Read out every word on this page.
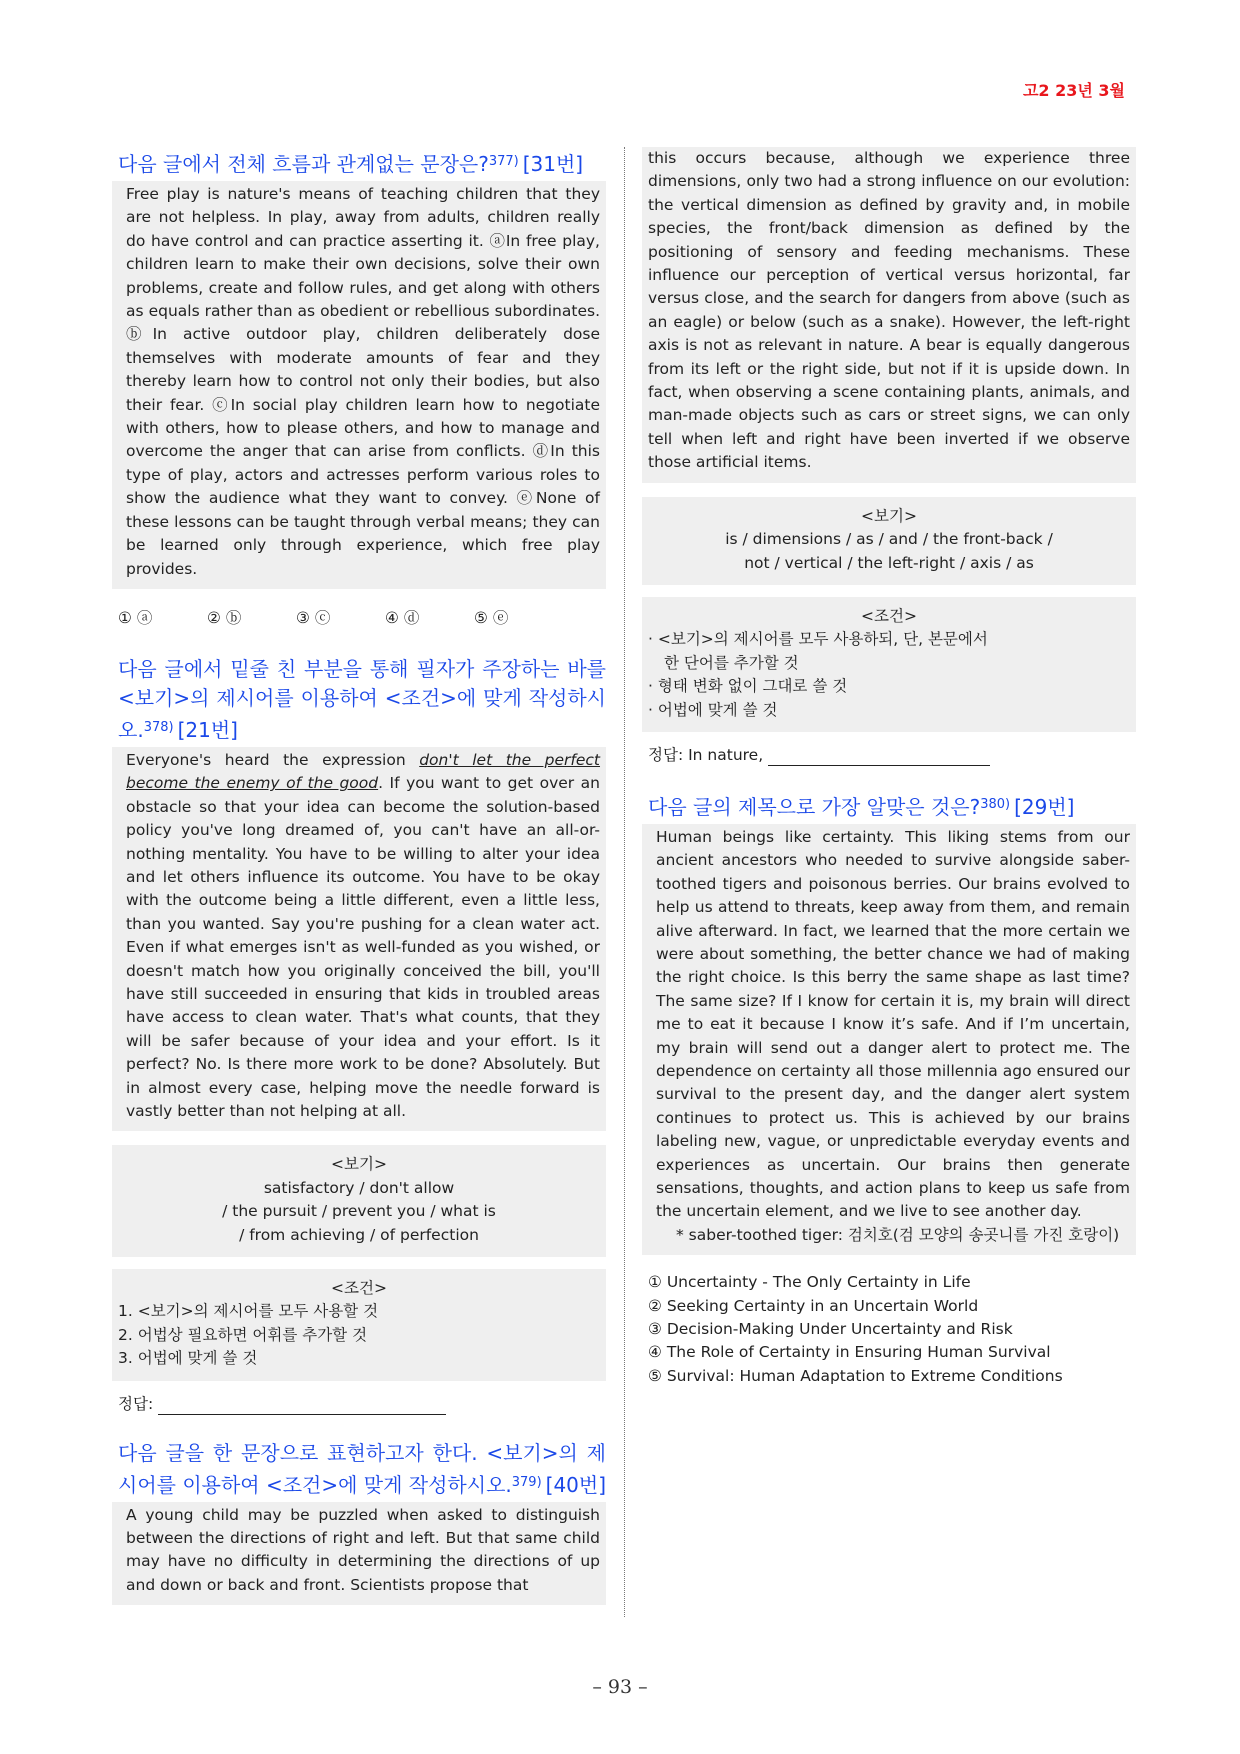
고2 23년 3월
다음 글에서 전체 흐름과 관계없는 문장은?$^{377)}$ [31번]
Free play is nature's means of teaching children that they are not helpless. In play, away from adults, children really do have control and can practice asserting it. ⓐIn free play, children learn to make their own decisions, solve their own problems, create and follow rules, and get along with others as equals rather than as obedient or rebellious subordinates. ⓑIn active outdoor play, children deliberately dose themselves with moderate amounts of fear and they thereby learn how to control not only their bodies, but also their fear. ⓒIn social play children learn how to negotiate with others, how to please others, and how to manage and overcome the anger that can arise from conflicts. ⓓIn this type of play, actors and actresses perform various roles to show the audience what they want to convey. ⓔNone of these lessons can be taught through verbal means; they can be learned only through experience, which free play provides.
① ⓐ	② ⓑ	③ ⓒ	④ ⓓ	⑤ ⓔ
다음 글에서 밑줄 친 부분을 통해 필자가 주장하는 바를 <보기>의 제시어를 이용하여 <조건>에 맞게 작성하시오.$^{378)}$ [21번]
Everyone's heard the expression don't let the perfect become the enemy of the good. If you want to get over an obstacle so that your idea can become the solution-based policy you've long dreamed of, you can't have an all-or-nothing mentality. You have to be willing to alter your idea and let others influence its outcome. You have to be okay with the outcome being a little different, even a little less, than you wanted. Say you're pushing for a clean water act. Even if what emerges isn't as well-funded as you wished, or doesn't match how you originally conceived the bill, you'll have still succeeded in ensuring that kids in troubled areas have access to clean water. That's what counts, that they will be safer because of your idea and your effort. Is it perfect? No. Is there more work to be done? Absolutely. But in almost every case, helping move the needle forward is vastly better than not helping at all.
<보기>
satisfactory / don't allow
/ the pursuit / prevent you / what is
/ from achieving / of perfection
<조건>
1. <보기>의 제시어를 모두 사용할 것
2. 어법상 필요하면 어휘를 추가할 것
3. 어법에 맞게 쓸 것
정답:
다음 글을 한 문장으로 표현하고자 한다. <보기>의 제시어를 이용하여 <조건>에 맞게 작성하시오.$^{379)}$ [40번]
A young child may be puzzled when asked to distinguish between the directions of right and left. But that same child may have no difficulty in determining the directions of up and down or back and front. Scientists propose that
this occurs because, although we experience three dimensions, only two had a strong influence on our evolution: the vertical dimension as defined by gravity and, in mobile species, the front/back dimension as defined by the positioning of sensory and feeding mechanisms. These influence our perception of vertical versus horizontal, far versus close, and the search for dangers from above (such as an eagle) or below (such as a snake). However, the left-right axis is not as relevant in nature. A bear is equally dangerous from its left or the right side, but not if it is upside down. In fact, when observing a scene containing plants, animals, and man-made objects such as cars or street signs, we can only tell when left and right have been inverted if we observe those artificial items.
<보기>
is / dimensions / as / and / the front-back /
not / vertical / the left-right / axis / as
<조건>
· <보기>의 제시어를 모두 사용하되, 단, 본문에서
한 단어를 추가할 것
· 형태 변화 없이 그대로 쓸 것
· 어법에 맞게 쓸 것
정답: In nature,
다음 글의 제목으로 가장 알맞은 것은?$^{380)}$ [29번]
Human beings like certainty. This liking stems from our ancient ancestors who needed to survive alongside saber-toothed tigers and poisonous berries. Our brains evolved to help us attend to threats, keep away from them, and remain alive afterward. In fact, we learned that the more certain we were about something, the better chance we had of making the right choice. Is this berry the same shape as last time? The same size? If I know for certain it is, my brain will direct me to eat it because I know it’s safe. And if I’m uncertain, my brain will send out a danger alert to protect me. The dependence on certainty all those millennia ago ensured our survival to the present day, and the danger alert system continues to protect us. This is achieved by our brains labeling new, vague, or unpredictable everyday events and experiences as uncertain. Our brains then generate sensations, thoughts, and action plans to keep us safe from the uncertain element, and we live to see another day.
* saber-toothed tiger: 검치호(검 모양의 송곳니를 가진 호랑이)
① Uncertainty - The Only Certainty in Life
② Seeking Certainty in an Uncertain World
③ Decision-Making Under Uncertainty and Risk
④ The Role of Certainty in Ensuring Human Survival
⑤ Survival: Human Adaptation to Extreme Conditions
– 93 –
